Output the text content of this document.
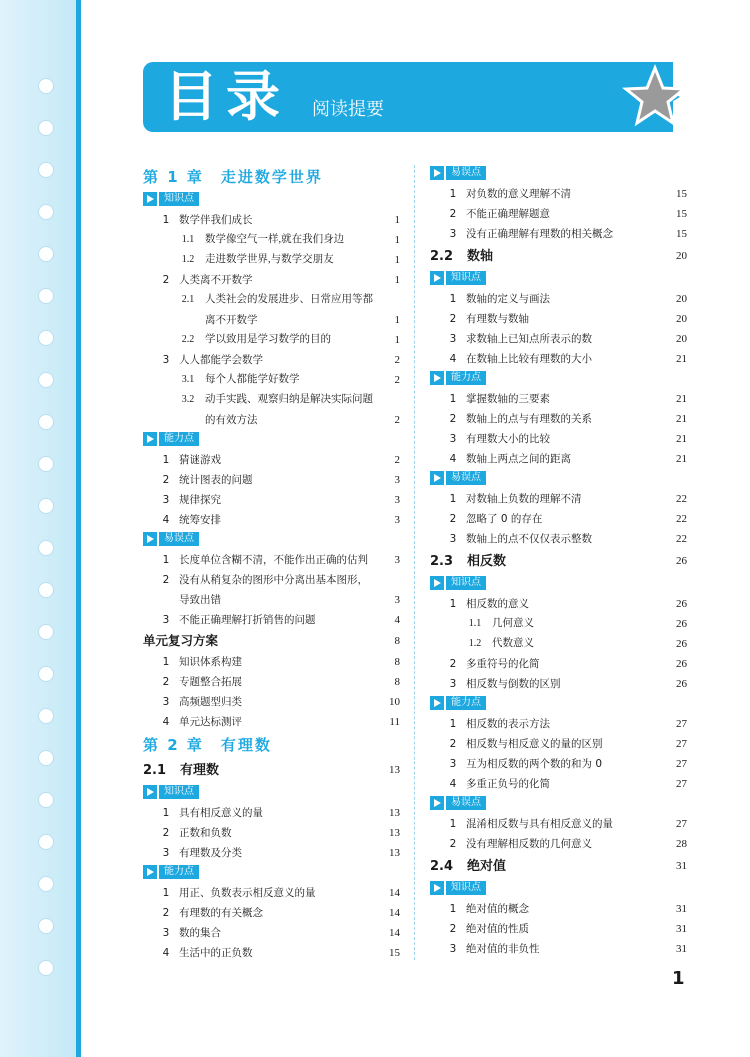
目录 阅读提要
第 1 章　走进数学世界
知识点
1 数学伴我们成长	1
1.1 数学像空气一样,就在我们身边	1
1.2 走进数学世界,与数学交朋友	1
2 人类离不开数学	1
2.1 人类社会的发展进步、日常应用等都
离不开数学	1
2.2 学以致用是学习数学的目的	1
3 人人都能学会数学	2
3.1 每个人都能学好数学	2
3.2 动手实践、观察归纳是解决实际问题
的有效方法	2
能力点
1 猜谜游戏	2
2 统计图表的问题	3
3 规律探究	3
4 统筹安排	3
易误点
1 长度单位含糊不清，不能作出正确的估判 3
2 没有从稍复杂的图形中分离出基本图形，
导致出错	3
3 不能正确理解打折销售的问题	4
单元复习方案	8
1 知识体系构建	8
2 专题整合拓展	8
3 高频题型归类	10
4 单元达标测评	11
第 2 章　有理数
2.1 有理数	13
知识点
1 具有相反意义的量	13
2 正数和负数	13
3 有理数及分类	13
能力点
1 用正、负数表示相反意义的量	14
2 有理数的有关概念	14
3 数的集合	14
4 生活中的正负数	15
易误点
1 对负数的意义理解不清	15
2 不能正确理解题意	15
3 没有正确理解有理数的相关概念	15
2.2 数轴	20
知识点
1 数轴的定义与画法	20
2 有理数与数轴	20
3 求数轴上已知点所表示的数	20
4 在数轴上比较有理数的大小	21
能力点
1 掌握数轴的三要素	21
2 数轴上的点与有理数的关系	21
3 有理数大小的比较	21
4 数轴上两点之间的距离	21
易误点
1 对数轴上负数的理解不清	22
2 忽略了 0 的存在	22
3 数轴上的点不仅仅表示整数	22
2.3 相反数	26
知识点
1 相反数的意义	26
1.1 几何意义	26
1.2 代数意义	26
2 多重符号的化简	26
3 相反数与倒数的区别	26
能力点
1 相反数的表示方法	27
2 相反数与相反意义的量的区别	27
3 互为相反数的两个数的和为 0	27
4 多重正负号的化简	27
易误点
1 混淆相反数与具有相反意义的量	27
2 没有理解相反数的几何意义	28
2.4 绝对值	31
知识点
1 绝对值的概念	31
2 绝对值的性质	31
3 绝对值的非负性	31
1
